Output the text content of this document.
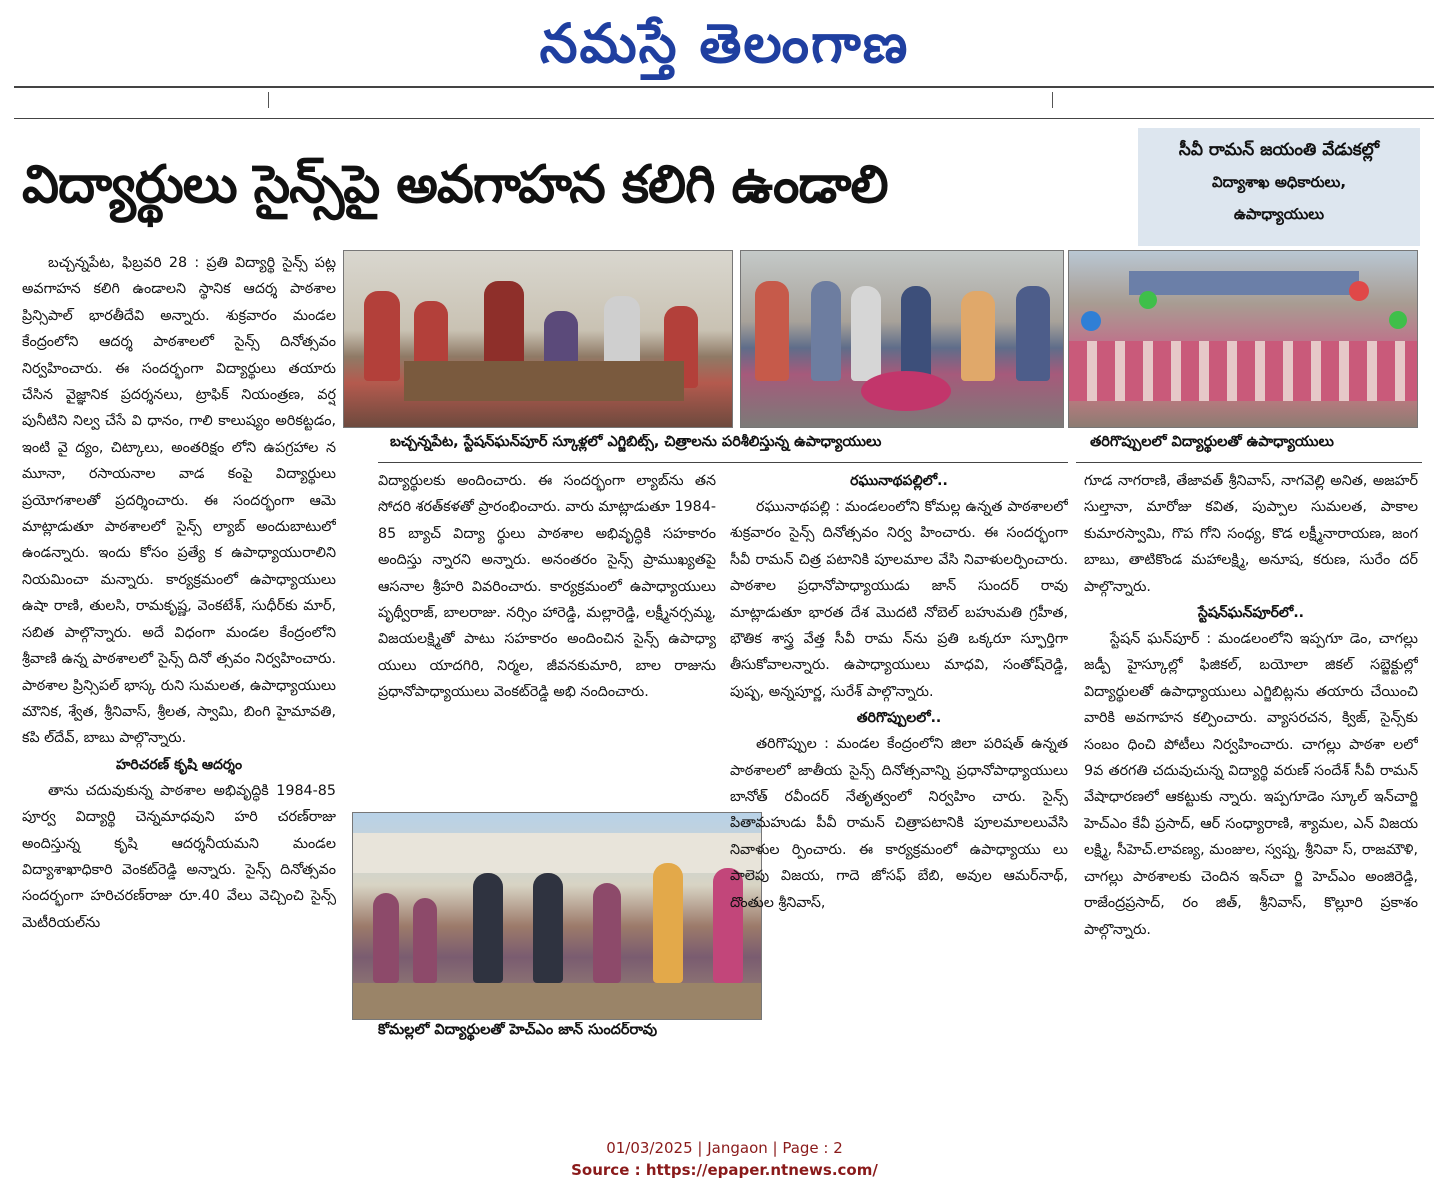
నమస్తే తెలంగాణ
విద్యార్థులు సైన్స్‌పై అవగాహన కలిగి ఉండాలి
సీవీ రామన్ జయంతి వేడుకల్లో
విద్యాశాఖ అధికారులు,
ఉపాధ్యాయులు
బచ్చన్నపేట, స్టేషన్‌ఘన్‌పూర్ స్కూళ్లలో ఎగ్జిబిట్స్, చిత్రాలను పరిశీలిస్తున్న ఉపాధ్యాయులు	తరిగొప్పులలో విద్యార్థులతో ఉపాధ్యాయులు
కోమల్లలో విద్యార్థులతో హెచ్ఎం జాన్ సుందర్‌రావు

బచ్చన్నపేట, ఫిబ్రవరి 28 : ప్రతి విద్యార్థి సైన్స్ పట్ల అవగాహన కలిగి ఉండాలని స్థానిక ఆదర్శ పాఠశాల ప్రిన్సిపాల్ భారతీదేవి అన్నారు. శుక్రవారం మండల కేంద్రంలోని ఆదర్శ పాఠశాలలో సైన్స్ దినోత్సవం నిర్వహించారు. ఈ సందర్భంగా విద్యార్థులు తయారు చేసిన వైజ్ఞానిక ప్రదర్శనలు, ట్రాఫిక్ నియంత్రణ, వర్ష పునీటిని నిల్వ చేసే వి ధానం, గాలి కాలుష్యం అరికట్టడం, ఇంటి వై ద్యం, చిట్కాలు, అంతరిక్షం లోని ఉపగ్రహాల న మూనా, రసాయనాల వాడ కంపై విద్యార్థులు ప్రయోగశాలతో ప్రదర్శించారు. ఈ సందర్భంగా ఆమె మాట్లాడుతూ పాఠశాలలో సైన్స్ ల్యాబ్ అందుబాటులో ఉండన్నారు. ఇందు కోసం ప్రత్యే క ఉపాధ్యాయురాలిని నియమించా మన్నారు. కార్యక్రమంలో ఉపాధ్యాయులు ఉషా రాణి, తులసి, రామకృష్ణ, వెంకటేశ్, సుధీర్‌కు మార్, సబిత పాల్గొన్నారు. అదే విధంగా మండల కేంద్రంలోని శ్రీవాణి ఉన్న పాఠశాలలో సైన్స్ దినో త్సవం నిర్వహించారు. పాఠశాల ప్రిన్సిపల్ భాస్క రుని సుమలత, ఉపాధ్యాయులు మౌనిక, శ్వేత, శ్రీనివాస్, శ్రీలత, స్వామి, బింగి హైమావతి, కపి ల్‌దేవ్, బాబు పాల్గొన్నారు.

హరిచరణ్ కృషి ఆదర్శం

తాను చదువుకున్న పాఠశాల అభివృద్ధికి 1984-85 పూర్వ విద్యార్థి చెన్నమాధవుని హరి చరణ్‌రాజు అందిస్తున్న కృషి ఆదర్శనీయమని మండల విద్యాశాఖాధికారి వెంకట్‌రెడ్డి అన్నారు. సైన్స్ దినోత్సవం సందర్భంగా హరిచరణ్‌రాజు రూ.40 వేలు వెచ్చించి సైన్స్ మెటీరియల్‌ను

విద్యార్థులకు అందించారు. ఈ సందర్భంగా ల్యాబ్‌ను తన సోదరి శరత్‌కళతో ప్రారంభించారు. వారు మాట్లాడుతూ 1984-85 బ్యాచ్ విద్యా ర్థులు పాఠశాల అభివృద్ధికి సహకారం అందిస్తు న్నారని అన్నారు. అనంతరం సైన్స్ ప్రాముఖ్యతపై ఆసనాల శ్రీహరి వివరించారు. కార్యక్రమంలో ఉపాధ్యాయులు పృథ్వీరాజ్, బాలరాజు. నర్సిం హారెడ్డి, మల్లారెడ్డి, లక్ష్మీనర్సమ్మ, విజయలక్ష్మితో పాటు సహకారం అందించిన సైన్స్ ఉపాధ్యా యులు యాదగిరి, నిర్మల, జీవనకుమారి, బాల రాజును ప్రధానోపాధ్యాయులు వెంకట్‌రెడ్డి అభి నందించారు.

రఘునాథపల్లిలో..

రఘునాథపల్లి : మండలంలోని కోమల్ల ఉన్నత పాఠశాలలో శుక్రవారం సైన్స్ దినోత్సవం నిర్వ హించారు. ఈ సందర్భంగా సీవీ రామన్ చిత్ర పటానికి పూలమాల వేసి నివాళులర్పించారు. పాఠశాల ప్రధానోపాధ్యాయుడు జాన్ సుందర్ రావు మాట్లాడుతూ భారత దేశ మొదటి నోబెల్ బహుమతి గ్రహీత, భౌతిక శాస్త్ర వేత్త సీవీ రామ న్‌ను ప్రతి ఒక్కరూ స్ఫూర్తిగా తీసుకోవాలన్నారు. ఉపాధ్యాయులు మాధవి, సంతోష్‌రెడ్డి, పుష్ప, అన్నపూర్ణ, సురేశ్ పాల్గొన్నారు.

తరిగొప్పులలో..

తరిగొప్పుల : మండల కేంద్రంలోని జిలా పరిషత్ ఉన్నత పాఠశాలలో జాతీయ సైన్స్ దినోత్సవాన్ని ప్రధానోపాధ్యాయులు బానోత్ రవీందర్ నేతృత్వంలో నిర్వహిం చారు. సైన్స్ పితామహుడు పీవీ రామన్ చిత్రాపటానికి పూలమాలలువేసి నివాళుల ర్పించారు. ఈ కార్యక్రమంలో ఉపాధ్యాయు లు పాలెపు విజయ, గాదె జోసఫ్ బేబి, అవుల ఆమర్‌నాథ్, దొంతుల శ్రీనివాస్,

గూడ నాగరాణి, తేజావత్ శ్రీనివాస్, నాగవెల్లి అనిత, అజహర్ సుల్తానా, మారోజు కవిత, పుప్పాల సుమలత, పాకాల కుమారస్వామి, గొప గోని సంధ్య, కొడ లక్ష్మీనారాయణ, జంగ బాబు, తాటికొండ మహాలక్ష్మి, అనూష, కరుణ, సురేం దర్ పాల్గొన్నారు.

స్టేషన్‌ఘన్‌పూర్‌లో..

స్టేషన్ ఘన్‌పూర్ : మండలంలోని ఇప్పగూ డెం, చాగల్లు జడ్పీ హైస్కూల్లో ఫిజికల్, బయోలా జికల్ సబ్జెక్టుల్లో విద్యార్థులతో ఉపాధ్యాయులు ఎగ్జిబిట్లను తయారు చేయించి వారికి అవగాహన కల్పించారు. వ్యాసరచన, క్విజ్, సైన్స్‌కు సంబం ధించి పోటీలు నిర్వహించారు. చాగల్లు పాఠశా లలో 9వ తరగతి చదువుచున్న విద్యార్థి వరుణ్ సందేశ్ సీవీ రామన్ వేషాధారణలో ఆకట్టుకు న్నారు. ఇప్పగూడెం స్కూల్ ఇన్‌చార్జి హెచ్ఎం కేవీ ప్రసాద్, ఆర్ సంధ్యారాణి, శ్యామల, ఎన్ విజయ లక్ష్మి, సీహెచ్.లావణ్య, మంజుల, స్వప్న, శ్రీనివా స్, రాజమౌళి, చాగల్లు పాఠశాలకు చెందిన ఇన్‌చా ర్జి హెచ్ఎం అంజిరెడ్డి, రాజేంద్రప్రసాద్, రం జిత్, శ్రీనివాస్, కొల్లూరి ప్రకాశం పాల్గొన్నారు.

01/03/2025 | Jangaon | Page : 2
Source : https://epaper.ntnews.com/
